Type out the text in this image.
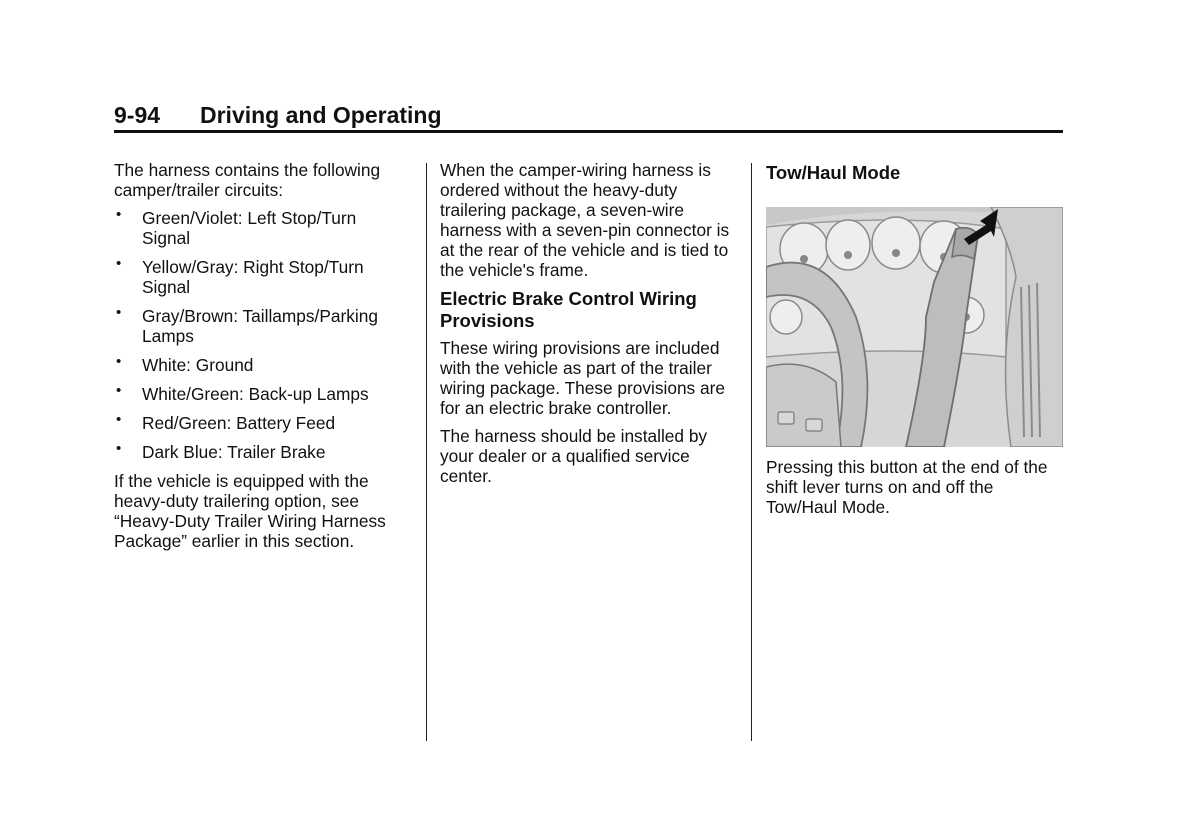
9-94 Driving and Operating

The harness contains the following camper/trailer circuits:

• Green/Violet: Left Stop/Turn Signal
• Yellow/Gray: Right Stop/Turn Signal
• Gray/Brown: Taillamps/Parking Lamps
• White: Ground
• White/Green: Back-up Lamps
• Red/Green: Battery Feed
• Dark Blue: Trailer Brake

If the vehicle is equipped with the heavy-duty trailering option, see “Heavy-Duty Trailer Wiring Harness Package” earlier in this section.

When the camper-wiring harness is ordered without the heavy-duty trailering package, a seven-wire harness with a seven-pin connector is at the rear of the vehicle and is tied to the vehicle's frame.

Electric Brake Control Wiring Provisions

These wiring provisions are included with the vehicle as part of the trailer wiring package. These provisions are for an electric brake controller.

The harness should be installed by your dealer or a qualified service center.

Tow/Haul Mode
Pressing this button at the end of the shift lever turns on and off the Tow/Haul Mode.
